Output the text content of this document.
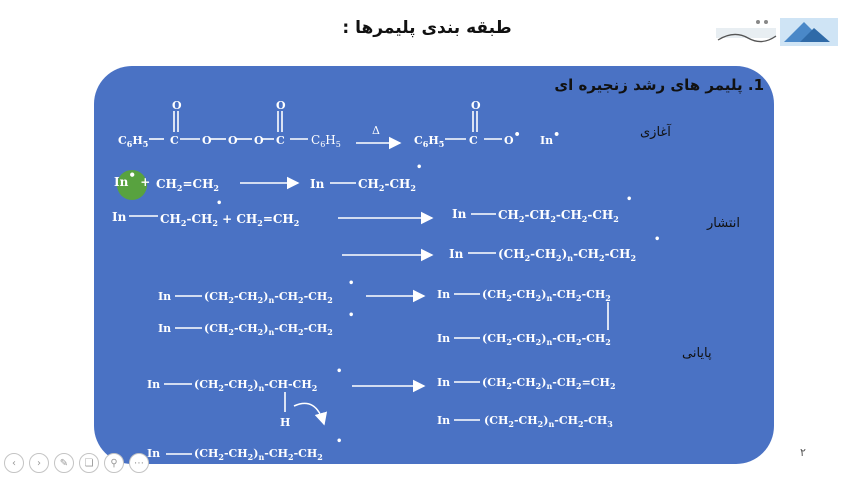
طبقه بندی پلیمرها :
1. پلیمر های رشد زنجیره ای
آغازی
انتشار
پایانی
$C_6H_5$ C
O
O O O C
O
$C_6H_5$
Δ
$C_6H_5$ C
O
O• In•
In• + $CH_2=CH_2$	In	$CH_2-CH_2$
•
In	$CH_2-CH_2 + CH_2=CH_2$
•
In	$CH_2-CH_2-CH_2-CH_2$
•
In	$(CH_2-CH_2)_n-CH_2-CH_2$
•
In	$(CH_2-CH_2)_n-CH_2-CH_2$
•
In	$(CH_2-CH_2)_n-CH_2-CH_2$
•
In	$(CH_2-CH_2)_n-CH_2-CH_2$
In	$(CH_2-CH_2)_n-CH_2-CH_2$
In	$(CH_2-CH_2)_n-CH-CH_2$
•
H
In	$(CH_2-CH_2)_n-CH_2=CH_2$
In	$(CH_2-CH_2)_n-CH_2-CH_3$
In	$(CH_2-CH_2)_n-CH_2-CH_2$
•
۲
‹	›	✎	❏	⚲	⋯
